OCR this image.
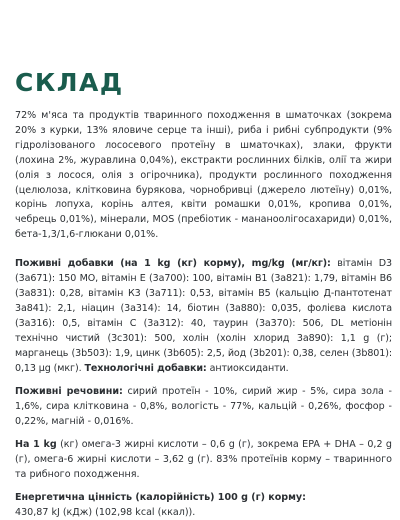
СКЛАД

72% м'яса та продуктів тваринного походження в шматочках (зокрема 20% з курки, 13% яловиче серце та інші), риба і рибні субпродукти (9% гідролізованого лососевого протеїну в шматочках), злаки, фрукти (лохина 2%, журавлина 0,04%), екстракти рослинних білків, олії та жири (олія з лосося, олія з огірочника), продукти рослинного походження (целюлоза, клітковина бурякова, чорнобривці (джерело лютеїну) 0,01%, корінь лопуха, корінь алтея, квіти ромашки 0,01%, кропива 0,01%, чебрець 0,01%), мінерали, MOS (пребіотик - мананоолігосахариди) 0,01%, бета-1,3/1,6-глюкани 0,01%.

Поживні добавки (на 1 kg (кг) корму), mg/kg (мг/кг): вітамін D3 (3а671): 150 МО, вітамін Е (3а700): 100, вітамін В1 (3а821): 1,79, вітамін В6 (3а831): 0,28, вітамін К3 (3а711): 0,53, вітамін В5 (кальцію Д-пантотенат 3а841): 2,1, ніацин (3а314): 14, біотин (3а880): 0,035, фолієва кислота (3а316): 0,5, вітамін С (3а312): 40, таурин (3а370): 506, DL метіонін технічно чистий (3с301): 500, холін (холін хлорид 3а890): 1,1 g (г); марганець (3b503): 1,9, цинк (3b605): 2,5, йод (3b201): 0,38, селен (3b801): 0,13 μg (мкг). Технологічні добавки: антиоксиданти.

Поживні речовини: сирий протеїн - 10%, сирий жир - 5%, сира зола - 1,6%, сира клітковина - 0,8%, вологість - 77%, кальцій - 0,26%, фосфор - 0,22%, магній - 0,016%.

На 1 kg (кг) омега-3 жирні кислоти – 0,6 g (г), зокрема EPA + DHA – 0,2 g (г), омега-6 жирні кислоти – 3,62 g (г). 83% протеїнів корму – тваринного та рибного походження.

Енергетична цінність (калорійність) 100 g (г) корму:
430,87 kJ (кДж) (102,98 kcal (ккал)).
